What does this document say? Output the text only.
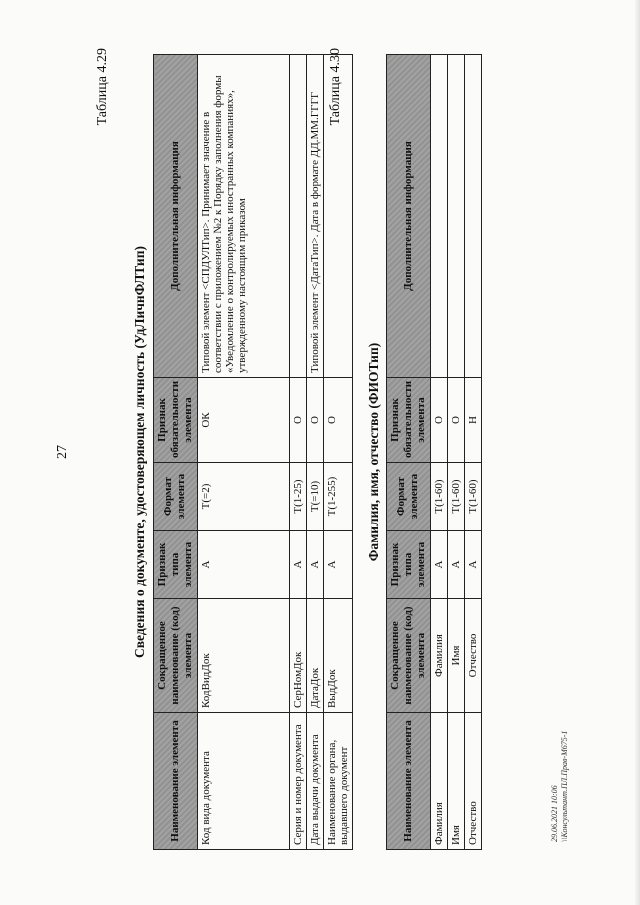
27
Таблица 4.29
Сведения о документе, удостоверяющем личность (УдЛичнФЛТип)
Наименование элемента	Сокращенное наименование (код) элемента	Признак типа элемента	Формат элемента	Признак обязательности элемента	Дополнительная информация
Код вида документа	КодВидДок	А	Т(=2)	ОК	Типовой элемент <СПДУЛТип>. Принимает значение в соответствии с приложением №2 к Порядку заполнения формы «Уведомление о контролируемых иностранных компаниях», утвержденному настоящим приказом
Серия и номер документа	СерНомДок	А	Т(1-25)	О	
Дата выдачи документа	ДатаДок	А	Т(=10)	О	Типовой элемент <ДатаТип>. Дата в формате ДД.ММ.ГГГГ
Наименование органа, выдавшего документ	ВыдДок	А	Т(1-255)	О	
Таблица 4.30
Фамилия, имя, отчество (ФИОТип)
Наименование элемента	Сокращенное наименование (код) элемента	Признак типа элемента	Формат элемента	Признак обязательности элемента	Дополнительная информация
Фамилия	Фамилия	А	Т(1-60)	О	
Имя	Имя	А	Т(1-60)	О	
Отчество	Отчество	А	Т(1-60)	Н	
29.06.2021 10:06 \\Консультант.ПЛ.Прав-М675-1
